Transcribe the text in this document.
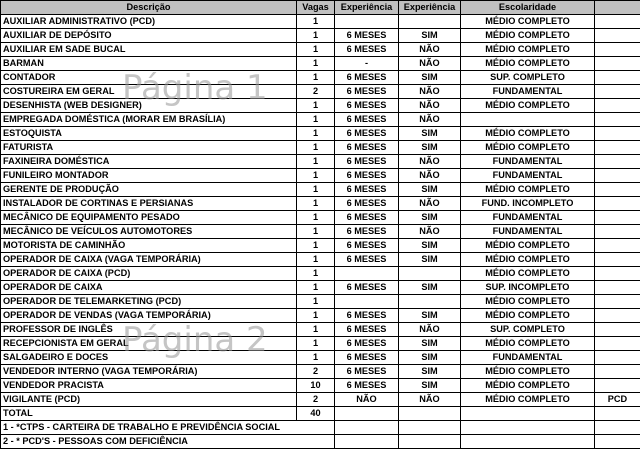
Descrição	Vagas	Experiência	Experiência	Escolaridade	
AUXILIAR ADMINISTRATIVO (PCD)	1			MÉDIO COMPLETO	
AUXILIAR DE DEPÓSITO	1	6 MESES	SIM	MÉDIO COMPLETO	
AUXILIAR EM SADE BUCAL	1	6 MESES	NÃO	MÉDIO COMPLETO	
BARMAN	1	-	NÃO	MÉDIO COMPLETO	
CONTADOR	1	6 MESES	SIM	SUP. COMPLETO	
COSTUREIRA EM GERAL	2	6 MESES	NÃO	FUNDAMENTAL	
DESENHISTA (WEB DESIGNER)	1	6 MESES	NÃO	MÉDIO COMPLETO	
EMPREGADA DOMÉSTICA (MORAR EM BRASÍLIA)	1	6 MESES	NÃO		
ESTOQUISTA	1	6 MESES	SIM	MÉDIO COMPLETO	
FATURISTA	1	6 MESES	SIM	MÉDIO COMPLETO	
FAXINEIRA DOMÉSTICA	1	6 MESES	NÃO	FUNDAMENTAL	
FUNILEIRO MONTADOR	1	6 MESES	NÃO	FUNDAMENTAL	
GERENTE DE PRODUÇÃO	1	6 MESES	SIM	MÉDIO COMPLETO	
INSTALADOR DE CORTINAS E PERSIANAS	1	6 MESES	NÃO	FUND. INCOMPLETO	
MECÂNICO DE EQUIPAMENTO PESADO	1	6 MESES	SIM	FUNDAMENTAL	
MECÂNICO DE VEÍCULOS AUTOMOTORES	1	6 MESES	NÃO	FUNDAMENTAL	
MOTORISTA DE CAMINHÃO	1	6 MESES	SIM	MÉDIO COMPLETO	
OPERADOR DE CAIXA (VAGA TEMPORÁRIA)	1	6 MESES	SIM	MÉDIO COMPLETO	
OPERADOR DE CAIXA (PCD)	1			MÉDIO COMPLETO	
OPERADOR DE CAIXA	1	6 MESES	SIM	SUP. INCOMPLETO	
OPERADOR DE TELEMARKETING (PCD)	1			MÉDIO COMPLETO	
OPERADOR DE VENDAS (VAGA TEMPORÁRIA)	1	6 MESES	SIM	MÉDIO COMPLETO	
PROFESSOR DE INGLÊS	1	6 MESES	NÃO	SUP. COMPLETO	
RECEPCIONISTA EM GERAL	1	6 MESES	SIM	MÉDIO COMPLETO	
SALGADEIRO E DOCES	1	6 MESES	SIM	FUNDAMENTAL	
VENDEDOR INTERNO (VAGA TEMPORÁRIA)	2	6 MESES	SIM	MÉDIO COMPLETO	
VENDEDOR PRACISTA	10	6 MESES	SIM	MÉDIO COMPLETO	
VIGILANTE (PCD)	2	NÃO	NÃO	MÉDIO COMPLETO	PCD
TOTAL	40				
1 - *CTPS - CARTEIRA DE TRABALHO E PREVIDÊNCIA SOCIAL					
2 - * PCD'S - PESSOAS COM DEFICIÊNCIA					
Página 1
Página 2
